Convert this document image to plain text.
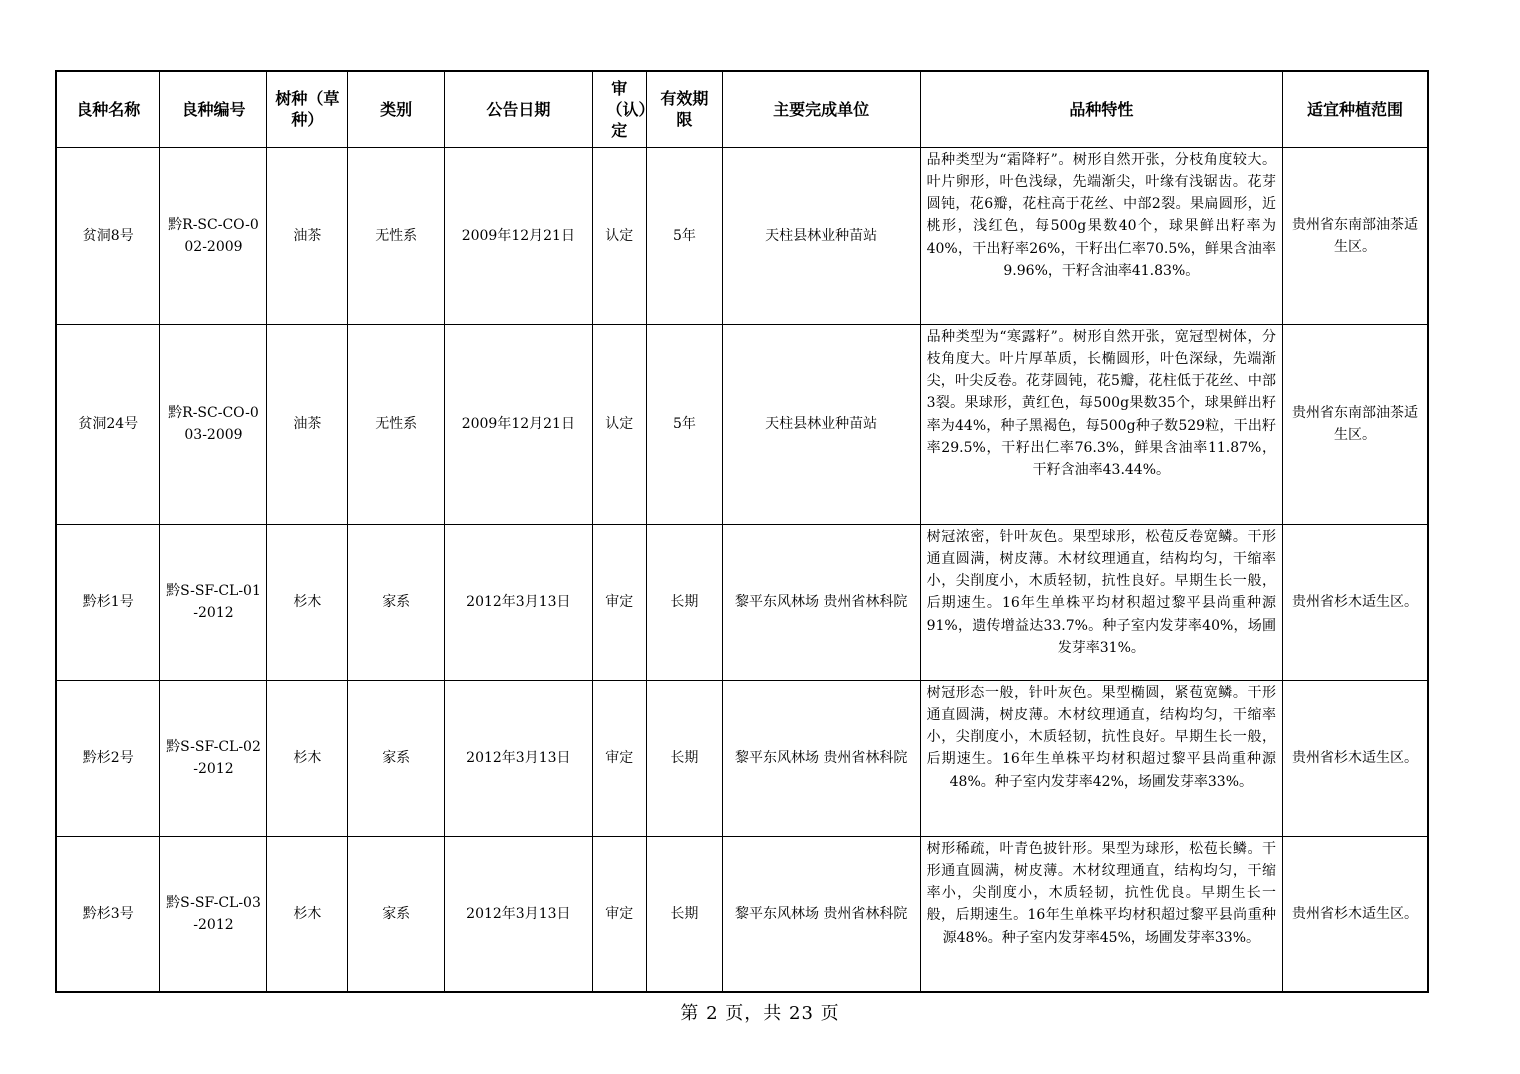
良种名称	良种编号	树种（草种）	类别	公告日期	审（认）定	有效期限	主要完成单位	品种特性	适宜种植范围
贫洞8号	黔R-SC-CO-002-2009	油茶	无性系	2009年12月21日	认定	5年	天柱县林业种苗站	品种类型为“霜降籽”。树形自然开张，分枝角度较大。叶片卵形，叶色浅绿，先端渐尖，叶缘有浅锯齿。花芽圆钝，花6瓣，花柱高于花丝、中部2裂。果扁圆形，近桃形，浅红色，每500g果数40个，球果鲜出籽率为40%，干出籽率26%，干籽出仁率70.5%，鲜果含油率9.96%，干籽含油率41.83%。	贵州省东南部油茶适生区。
贫洞24号	黔R-SC-CO-003-2009	油茶	无性系	2009年12月21日	认定	5年	天柱县林业种苗站	品种类型为“寒露籽”。树形自然开张，宽冠型树体，分枝角度大。叶片厚革质，长椭圆形，叶色深绿，先端渐尖，叶尖反卷。花芽圆钝，花5瓣，花柱低于花丝、中部3裂。果球形，黄红色，每500g果数35个，球果鲜出籽率为44%，种子黑褐色，每500g种子数529粒，干出籽率29.5%，干籽出仁率76.3%，鲜果含油率11.87%，干籽含油率43.44%。	贵州省东南部油茶适生区。
黔杉1号	黔S-SF-CL-01-2012	杉木	家系	2012年3月13日	审定	长期	黎平东风林场 贵州省林科院	树冠浓密，针叶灰色。果型球形，松苞反卷宽鳞。干形通直圆满，树皮薄。木材纹理通直，结构均匀，干缩率小，尖削度小，木质轻韧，抗性良好。早期生长一般，后期速生。16年生单株平均材积超过黎平县尚重种源91%，遗传增益达33.7%。种子室内发芽率40%，场圃发芽率31%。	贵州省杉木适生区。
黔杉2号	黔S-SF-CL-02-2012	杉木	家系	2012年3月13日	审定	长期	黎平东风林场 贵州省林科院	树冠形态一般，针叶灰色。果型椭圆，紧苞宽鳞。干形通直圆满，树皮薄。木材纹理通直，结构均匀，干缩率小，尖削度小，木质轻韧，抗性良好。早期生长一般，后期速生。16年生单株平均材积超过黎平县尚重种源48%。种子室内发芽率42%，场圃发芽率33%。	贵州省杉木适生区。
黔杉3号	黔S-SF-CL-03-2012	杉木	家系	2012年3月13日	审定	长期	黎平东风林场 贵州省林科院	树形稀疏，叶青色披针形。果型为球形，松苞长鳞。干形通直圆满，树皮薄。木材纹理通直，结构均匀，干缩率小，尖削度小，木质轻韧，抗性优良。早期生长一般，后期速生。16年生单株平均材积超过黎平县尚重种源48%。种子室内发芽率45%，场圃发芽率33%。	贵州省杉木适生区。
第 2 页，共 23 页
